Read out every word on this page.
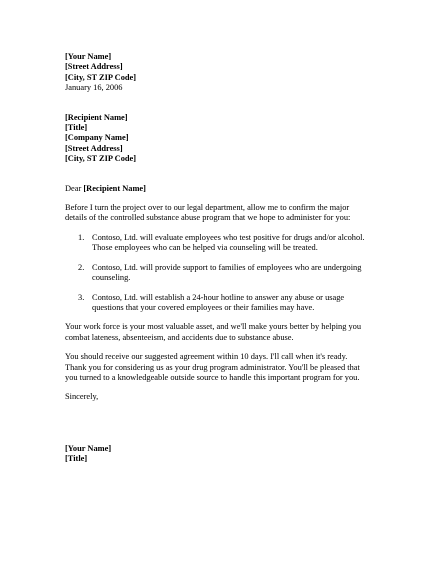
[Your Name]
[Street Address]
[City, ST ZIP Code]
January 16, 2006
[Recipient Name]
[Title]
[Company Name]
[Street Address]
[City, ST ZIP Code]
Dear [Recipient Name]
Before I turn the project over to our legal department, allow me to confirm the major
details of the controlled substance abuse program that we hope to administer for you:
1. Contoso, Ltd. will evaluate employees who test positive for drugs and/or alcohol.
Those employees who can be helped via counseling will be treated.
2. Contoso, Ltd. will provide support to families of employees who are undergoing
counseling.
3. Contoso, Ltd. will establish a 24-hour hotline to answer any abuse or usage
questions that your covered employees or their families may have.
Your work force is your most valuable asset, and we'll make yours better by helping you
combat lateness, absenteeism, and accidents due to substance abuse.
You should receive our suggested agreement within 10 days. I'll call when it's ready.
Thank you for considering us as your drug program administrator. You'll be pleased that
you turned to a knowledgeable outside source to handle this important program for you.
Sincerely,
[Your Name]
[Title]
